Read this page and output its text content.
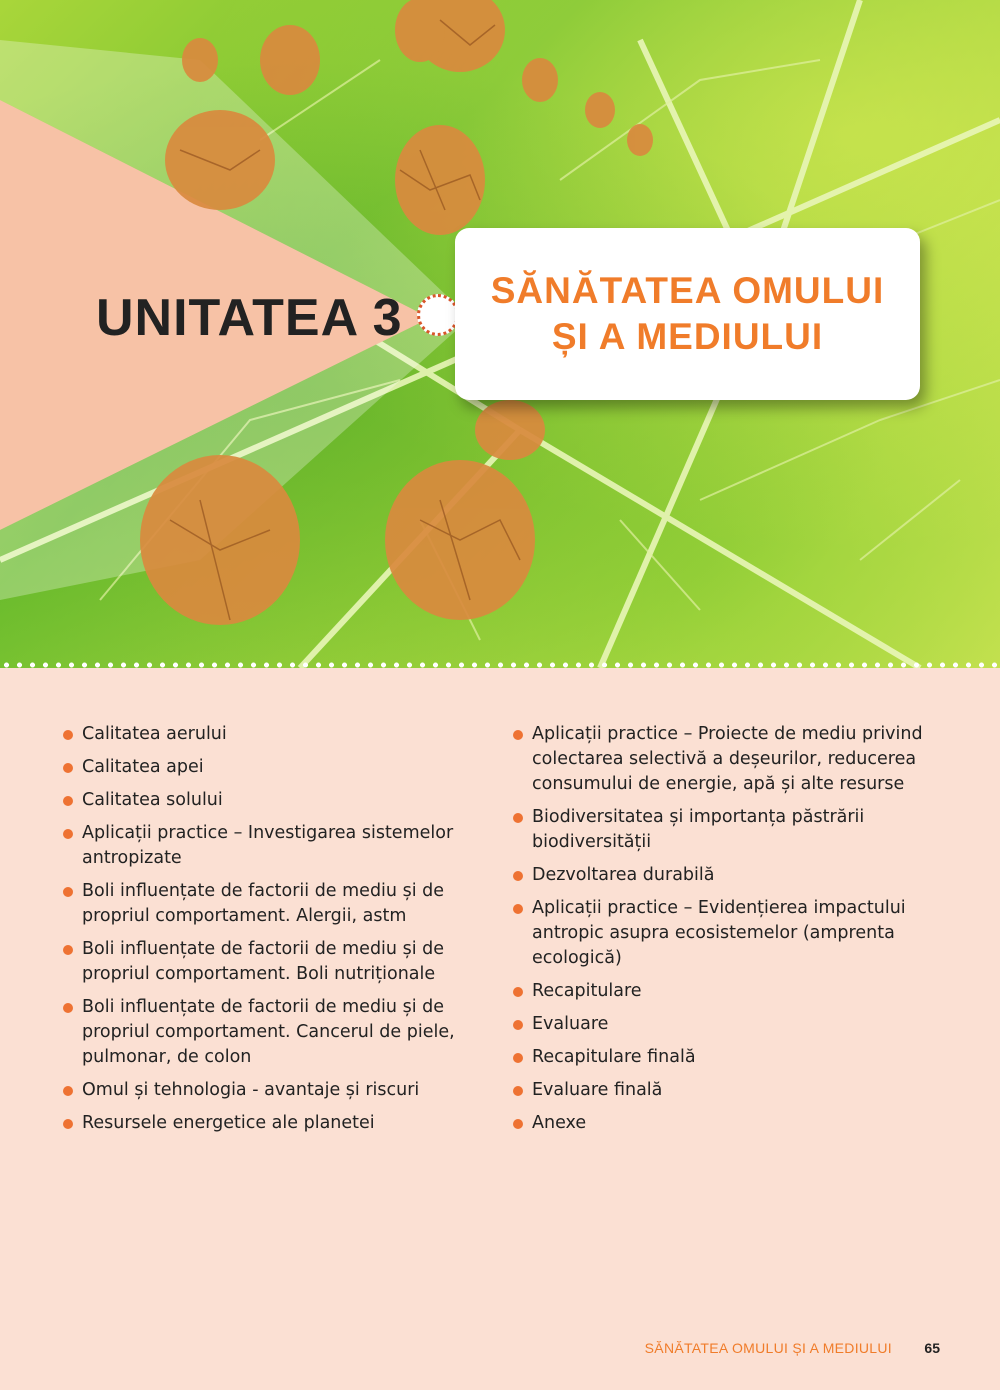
UNITATEA 3 SĂNĂTATEA OMULUI
ȘI A MEDIULUI
Calitatea aerului
Calitatea apei
Calitatea solului
Aplicații practice – Investigarea sistemelor antropizate
Boli influențate de factorii de mediu și de propriul comportament. Alergii, astm
Boli influențate de factorii de mediu și de propriul comportament. Boli nutriționale
Boli influențate de factorii de mediu și de propriul comportament. Cancerul de piele, pulmonar, de colon
Omul și tehnologia - avantaje și riscuri
Resursele energetice ale planetei
Aplicații practice – Proiecte de mediu privind colectarea selectivă a deșeurilor, reducerea consumului de energie, apă și alte resurse
Biodiversitatea și importanța păstrării biodiversității
Dezvoltarea durabilă
Aplicații practice – Evidențierea impactului antropic asupra ecosistemelor (amprenta ecologică)
Recapitulare
Evaluare
Recapitulare finală
Evaluare finală
Anexe
SĂNĂTATEA OMULUI ȘI A MEDIULUI 65
